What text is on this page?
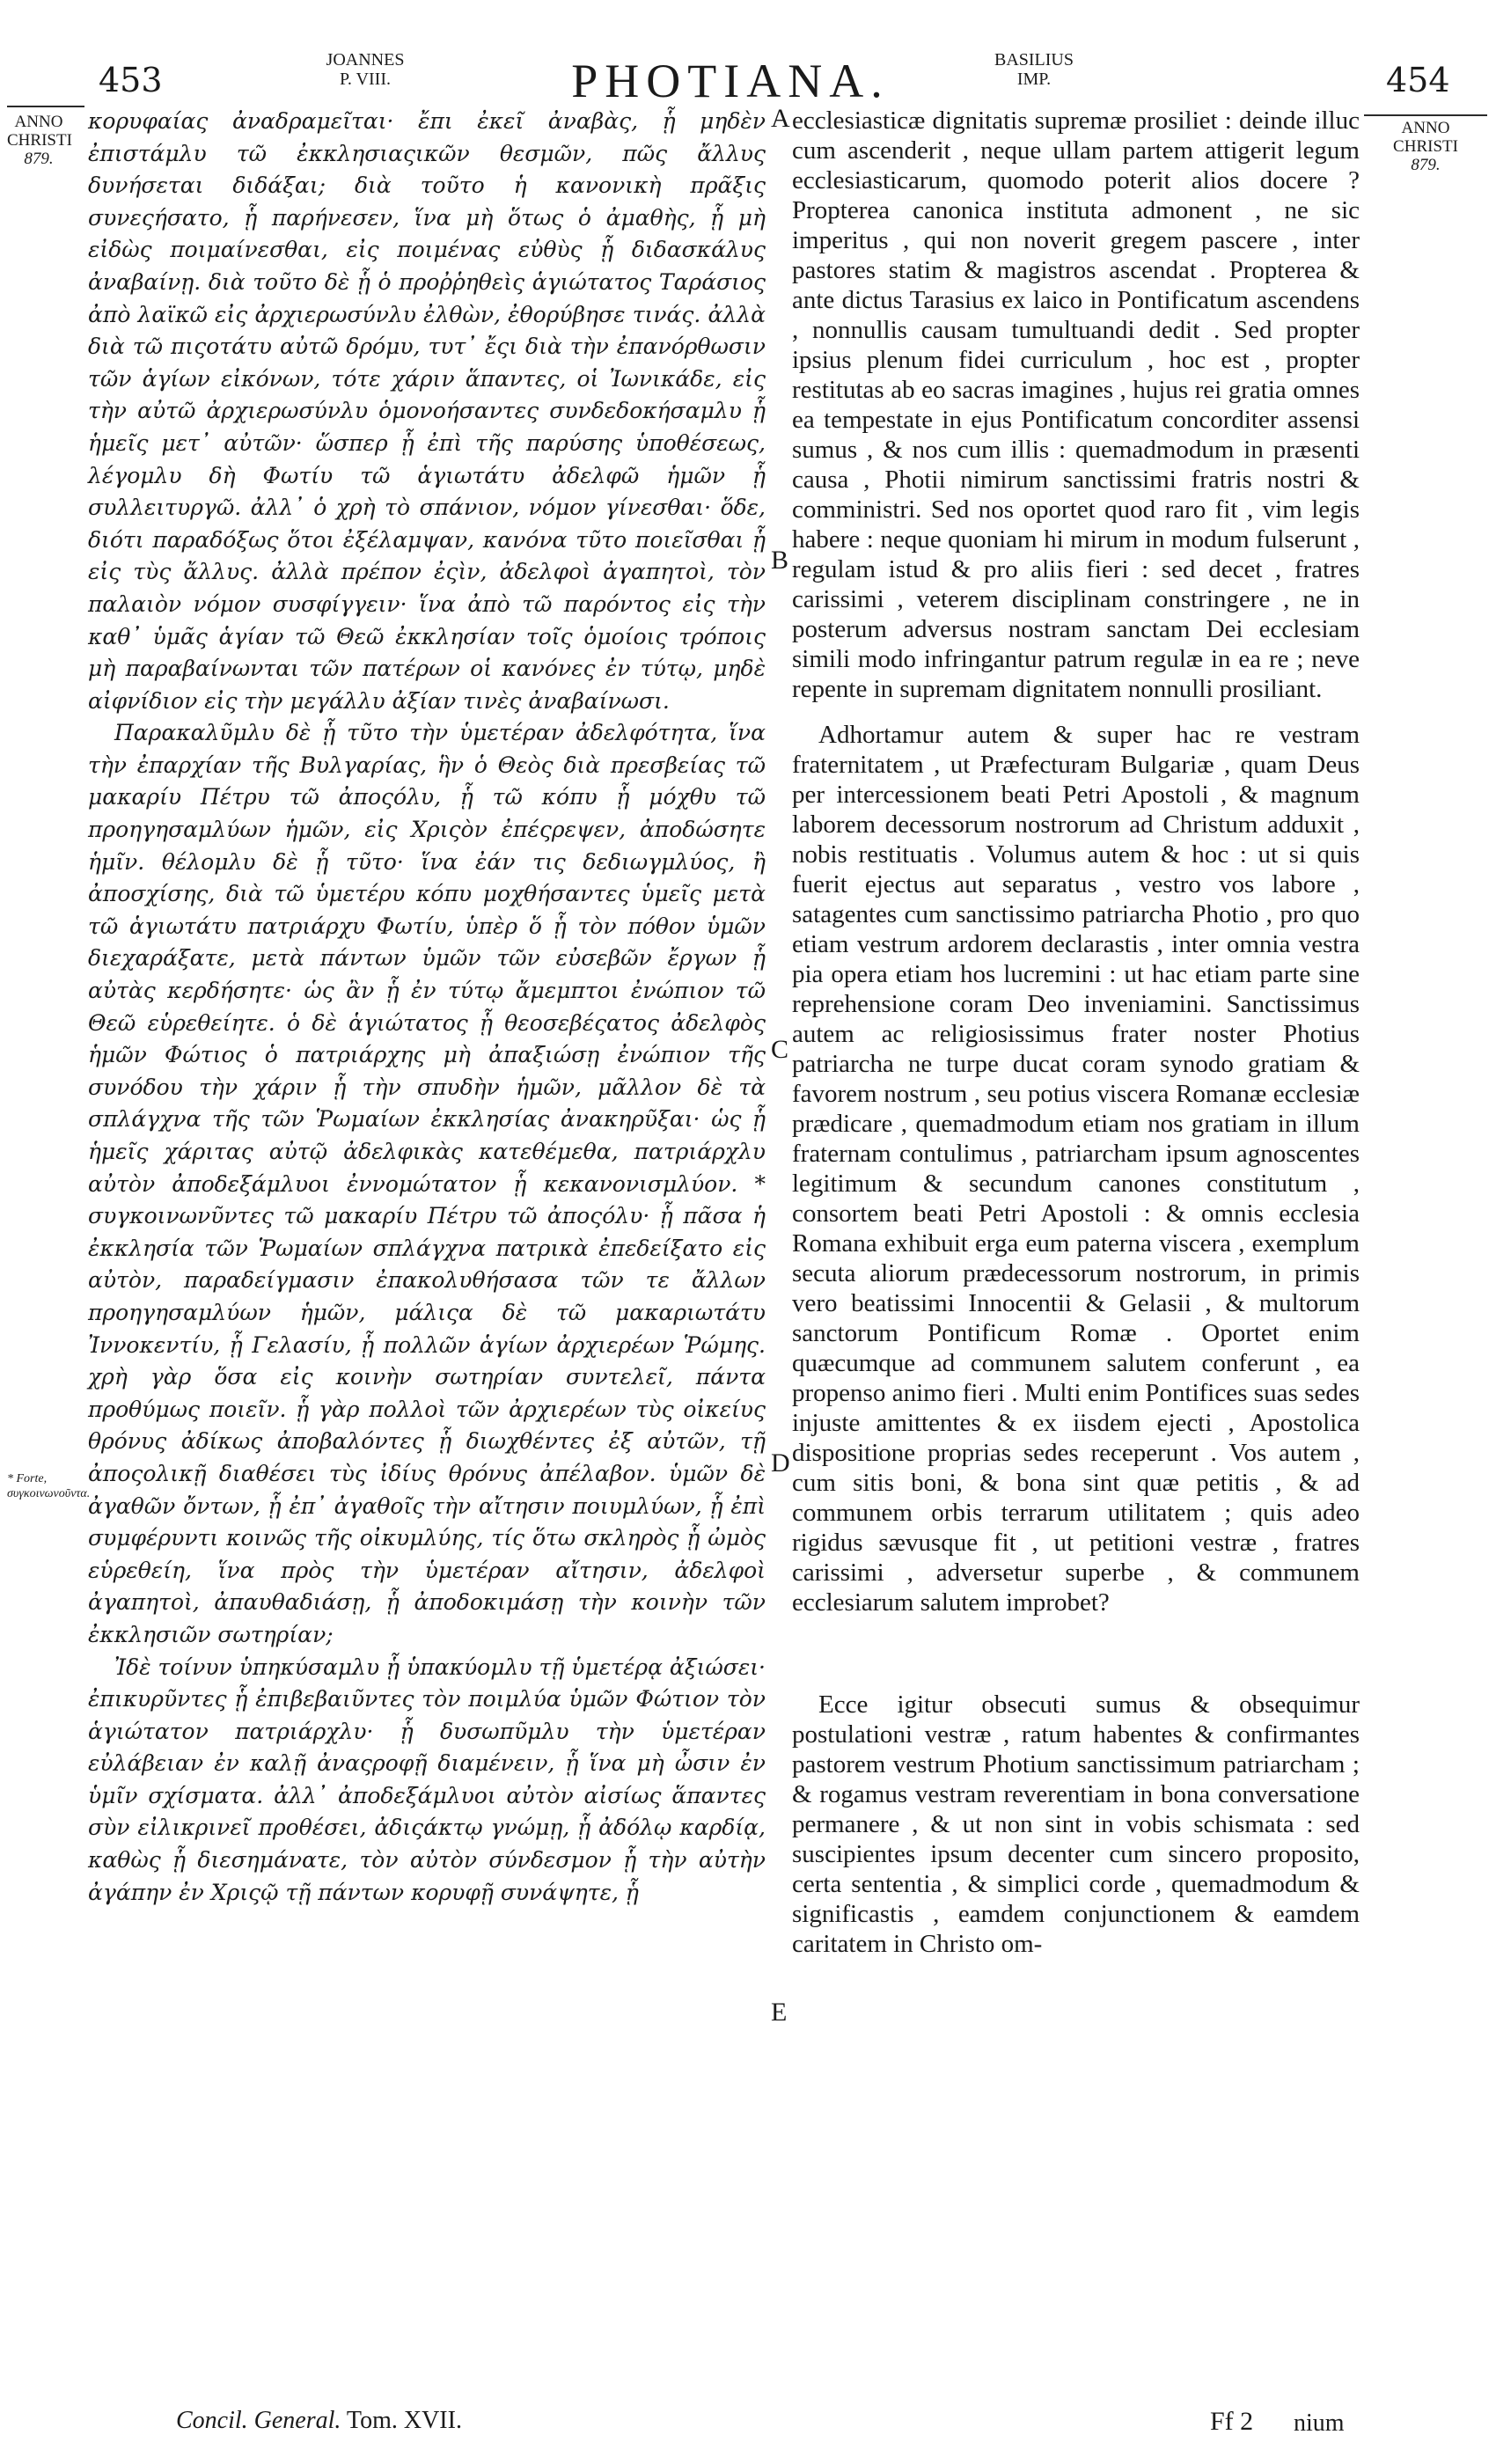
453
JOANNES
P. VIII.	PHOTIANA.	BASILIUS
IMP.	454
ANNO
CHRISTI
879.
ANNO
CHRISTI
879.
* Forte, συγκοινωνοῦντα.
A
B
C
D
E

κορυφαίας ἀναδραμεῖται· ἔπι ἐκεῖ ἀναβὰς, ᾗ μηδὲν ἐπιστάμλυ τῶ ἐκκλησιαςικῶν θεσμῶν, πῶς ἄλλυς δυνήσεται διδάξαι; διὰ τοῦτο ἡ κανονικὴ πρᾶξις συνεςήσατο, ᾗ παρήνεσεν, ἵνα μὴ ὅτως ὁ ἀμαθὴς, ᾗ μὴ εἰδὼς ποιμαίνεσθαι, εἰς ποιμένας εὐθὺς ᾗ διδασκάλυς ἀναβαίνῃ. διὰ τοῦτο δὲ ᾗ ὁ προῤῥηθεὶς ἁγιώτατος Ταράσιος ἀπὸ λαϊκῶ εἰς ἀρχιερωσύνλυ ἐλθὼν, ἐθορύβησε τινάς. ἀλλὰ διὰ τῶ πιςοτάτυ αὐτῶ δρόμυ, τυτ᾽ ἔςι διὰ τὴν ἐπανόρθωσιν τῶν ἁγίων εἰκόνων, τότε χάριν ἅπαντες, οἱ Ἰωνικάδε, εἰς τὴν αὐτῶ ἀρχιερωσύνλυ ὁμονοήσαντες συνδεδοκήσαμλυ ᾗ ἡμεῖς μετ᾽ αὐτῶν· ὥσπερ ᾗ ἐπὶ τῆς παρύσης ὑποθέσεως, λέγομλυ δὴ Φωτίυ τῶ ἁγιωτάτυ ἀδελφῶ ἡμῶν ᾗ συλλειτυργῶ. ἀλλ᾽ ὁ χρὴ τὸ σπάνιον, νόμον γίνεσθαι· ὅδε, διότι παραδόξως ὅτοι ἐξέλαμψαν, κανόνα τῦτο ποιεῖσθαι ᾗ εἰς τὺς ἄλλυς. ἀλλὰ πρέπον ἐςὶν, ἀδελφοὶ ἀγαπητοὶ, τὸν παλαιὸν νόμον συσφίγγειν· ἵνα ἀπὸ τῶ παρόντος εἰς τὴν καθ᾽ ὑμᾶς ἁγίαν τῶ Θεῶ ἐκκλησίαν τοῖς ὁμοίοις τρόποις μὴ παραβαίνωνται τῶν πατέρων οἱ κανόνες ἐν τύτῳ, μηδὲ αἰφνίδιον εἰς τὴν μεγάλλυ ἀξίαν τινὲς ἀναβαίνωσι.

Παρακαλῦμλυ δὲ ᾗ τῦτο τὴν ὑμετέραν ἀδελφότητα, ἵνα τὴν ἐπαρχίαν τῆς Βυλγαρίας, ἣν ὁ Θεὸς διὰ πρεσβείας τῶ μακαρίυ Πέτρυ τῶ ἀποςόλυ, ᾗ τῶ κόπυ ᾗ μόχθυ τῶ προηγησαμλύων ἡμῶν, εἰς Χριςὸν ἐπέςρεψεν, ἀποδώσητε ἡμῖν. θέλομλυ δὲ ᾗ τῦτο· ἵνα ἐάν τις δεδιωγμλύος, ἢ ἀποσχίσης, διὰ τῶ ὑμετέρυ κόπυ μοχθήσαντες ὑμεῖς μετὰ τῶ ἁγιωτάτυ πατριάρχυ Φωτίυ, ὑπὲρ ὅ ᾗ τὸν πόθον ὑμῶν διεχαράξατε, μετὰ πάντων ὑμῶν τῶν εὐσεβῶν ἔργων ᾗ αὐτὰς κερδήσητε· ὡς ἂν ᾗ ἐν τύτῳ ἄμεμπτοι ἐνώπιον τῶ Θεῶ εὑρεθείητε. ὁ δὲ ἁγιώτατος ᾗ θεοσεβέςατος ἀδελφὸς ἡμῶν Φώτιος ὁ πατριάρχης μὴ ἀπαξιώσῃ ἐνώπιον τῆς συνόδου τὴν χάριν ᾗ τὴν σπυδὴν ἡμῶν, μᾶλλον δὲ τὰ σπλάγχνα τῆς τῶν Ῥωμαίων ἐκκλησίας ἀνακηρῦξαι· ὡς ᾗ ἡμεῖς χάριτας αὐτῷ ἀδελφικὰς κατεθέμεθα, πατριάρχλυ αὐτὸν ἀποδεξάμλυοι ἐννομώτατον ᾗ κεκανονισμλύον. * συγκοινωνῦντες τῶ μακαρίυ Πέτρυ τῶ ἀποςόλυ· ᾗ πᾶσα ἡ ἐκκλησία τῶν Ῥωμαίων σπλάγχνα πατρικὰ ἐπεδείξατο εἰς αὐτὸν, παραδείγμασιν ἐπακολυθήσασα τῶν τε ἄλλων προηγησαμλύων ἡμῶν, μάλιςα δὲ τῶ μακαριωτάτυ Ἰννοκεντίυ, ᾗ Γελασίυ, ᾗ πολλῶν ἁγίων ἀρχιερέων Ῥώμης. χρὴ γὰρ ὅσα εἰς κοινὴν σωτηρίαν συντελεῖ, πάντα προθύμως ποιεῖν. ᾗ γὰρ πολλοὶ τῶν ἀρχιερέων τὺς οἰκείυς θρόνυς ἀδίκως ἀποβαλόντες ᾗ διωχθέντες ἐξ αὐτῶν, τῇ ἀποςολικῇ διαθέσει τὺς ἰδίυς θρόνυς ἀπέλαβον. ὑμῶν δὲ ἀγαθῶν ὄντων, ᾗ ἐπ᾽ ἀγαθοῖς τὴν αἴτησιν ποιυμλύων, ᾗ ἐπὶ συμφέρυντι κοινῶς τῆς οἰκυμλύης, τίς ὅτω σκληρὸς ᾗ ὠμὸς εὑρεθείη, ἵνα πρὸς τὴν ὑμετέραν αἴτησιν, ἀδελφοὶ ἀγαπητοὶ, ἀπαυθαδιάσῃ, ᾗ ἀποδοκιμάσῃ τὴν κοινὴν τῶν ἐκκλησιῶν σωτηρίαν;

Ἰδὲ τοίνυν ὑπηκύσαμλυ ᾗ ὑπακύομλυ τῇ ὑμετέρᾳ ἀξιώσει· ἐπικυρῦντες ᾗ ἐπιβεβαιῦντες τὸν ποιμλύα ὑμῶν Φώτιον τὸν ἁγιώτατον πατριάρχλυ· ᾗ δυσωπῦμλυ τὴν ὑμετέραν εὐλάβειαν ἐν καλῇ ἀναςροφῇ διαμένειν, ᾗ ἵνα μὴ ὦσιν ἐν ὑμῖν σχίσματα. ἀλλ᾽ ἀποδεξάμλυοι αὐτὸν αἰσίως ἅπαντες σὺν εἰλικρινεῖ προθέσει, ἀδιςάκτῳ γνώμῃ, ᾗ ἀδόλῳ καρδίᾳ, καθὼς ᾗ διεσημάνατε, τὸν αὐτὸν σύνδεσμον ᾗ τὴν αὐτὴν ἀγάπην ἐν Χριςῷ τῇ πάντων κορυφῇ συνάψητε, ᾗ

ecclesiasticæ dignitatis supremæ prosiliet : deinde illuc cum ascenderit , neque ullam partem attigerit legum ecclesiasticarum, quomodo poterit alios docere ? Propterea canonica instituta admonent , ne sic imperitus , qui non noverit gregem pascere , inter pastores statim & magistros ascendat . Propterea & ante dictus Tarasius ex laico in Pontificatum ascendens , nonnullis causam tumultuandi dedit . Sed propter ipsius plenum fidei curriculum , hoc est , propter restitutas ab eo sacras imagines , hujus rei gratia omnes ea tempestate in ejus Pontificatum concorditer assensi sumus , & nos cum illis : quemadmodum in præsenti causa , Photii nimirum sanctissimi fratris nostri & comministri. Sed nos oportet quod raro fit , vim legis habere : neque quoniam hi mirum in modum fulserunt , regulam istud & pro aliis fieri : sed decet , fratres carissimi , veterem disciplinam constringere , ne in posterum adversus nostram sanctam Dei ecclesiam simili modo infringantur patrum regulæ in ea re ; neve repente in supremam dignitatem nonnulli prosiliant.

Adhortamur autem & super hac re vestram fraternitatem , ut Præfecturam Bulgariæ , quam Deus per intercessionem beati Petri Apostoli , & magnum laborem decessorum nostrorum ad Christum adduxit , nobis restituatis . Volumus autem & hoc : ut si quis fuerit ejectus aut separatus , vestro vos labore , satagentes cum sanctissimo patriarcha Photio , pro quo etiam vestrum ardorem declarastis , inter omnia vestra pia opera etiam hos lucremini : ut hac etiam parte sine reprehensione coram Deo inveniamini. Sanctissimus autem ac religiosissimus frater noster Photius patriarcha ne turpe ducat coram synodo gratiam & favorem nostrum , seu potius viscera Romanæ ecclesiæ prædicare , quemadmodum etiam nos gratiam in illum fraternam contulimus , patriarcham ipsum agnoscentes legitimum & secundum canones constitutum , consortem beati Petri Apostoli : & omnis ecclesia Romana exhibuit erga eum paterna viscera , exemplum secuta aliorum prædecessorum nostrorum, in primis vero beatissimi Innocentii & Gelasii , & multorum sanctorum Pontificum Romæ . Oportet enim quæcumque ad communem salutem conferunt , ea propenso animo fieri . Multi enim Pontifices suas sedes injuste amittentes & ex iisdem ejecti , Apostolica dispositione proprias sedes receperunt . Vos autem , cum sitis boni, & bona sint quæ petitis , & ad communem orbis terrarum utilitatem ; quis adeo rigidus sævusque fit , ut petitioni vestræ , fratres carissimi , adversetur superbe , & communem ecclesiarum salutem improbet?

Ecce igitur obsecuti sumus & obsequimur postulationi vestræ , ratum habentes & confirmantes pastorem vestrum Photium sanctissimum patriarcham ; & rogamus vestram reverentiam in bona conversatione permanere , & ut non sint in vobis schismata : sed suscipientes ipsum decenter cum sincero proposito, certa sententia , & simplici corde , quemadmodum & significastis , eamdem conjunctionem & eamdem caritatem in Christo om-

Concil. General. Tom. XVII.	Ff 2 nium
